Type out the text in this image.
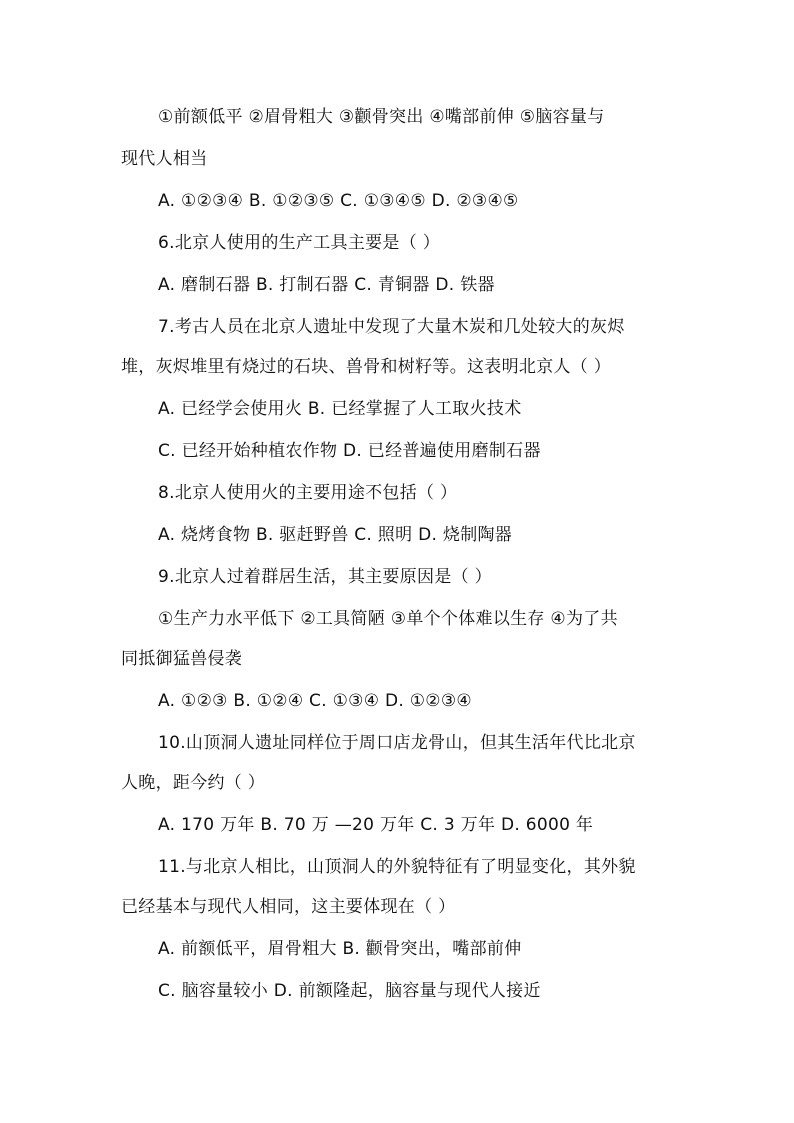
①前额低平 ②眉骨粗大 ③颧骨突出 ④嘴部前伸 ⑤脑容量与
现代人相当
A. ①②③④ B. ①②③⑤ C. ①③④⑤ D. ②③④⑤
6.北京人使用的生产工具主要是（ ）
A. 磨制石器 B. 打制石器 C. 青铜器 D. 铁器
7.考古人员在北京人遗址中发现了大量木炭和几处较大的灰烬
堆，灰烬堆里有烧过的石块、兽骨和树籽等。这表明北京人（ ）
A. 已经学会使用火 B. 已经掌握了人工取火技术
C. 已经开始种植农作物 D. 已经普遍使用磨制石器
8.北京人使用火的主要用途不包括（ ）
A. 烧烤食物 B. 驱赶野兽 C. 照明 D. 烧制陶器
9.北京人过着群居生活，其主要原因是（ ）
①生产力水平低下 ②工具简陋 ③单个个体难以生存 ④为了共
同抵御猛兽侵袭
A. ①②③ B. ①②④ C. ①③④ D. ①②③④
10.山顶洞人遗址同样位于周口店龙骨山，但其生活年代比北京
人晚，距今约（ ）
A. 170 万年 B. 70 万 —20 万年 C. 3 万年 D. 6000 年
11.与北京人相比，山顶洞人的外貌特征有了明显变化，其外貌
已经基本与现代人相同，这主要体现在（ ）
A. 前额低平，眉骨粗大 B. 颧骨突出，嘴部前伸
C. 脑容量较小 D. 前额隆起，脑容量与现代人接近
